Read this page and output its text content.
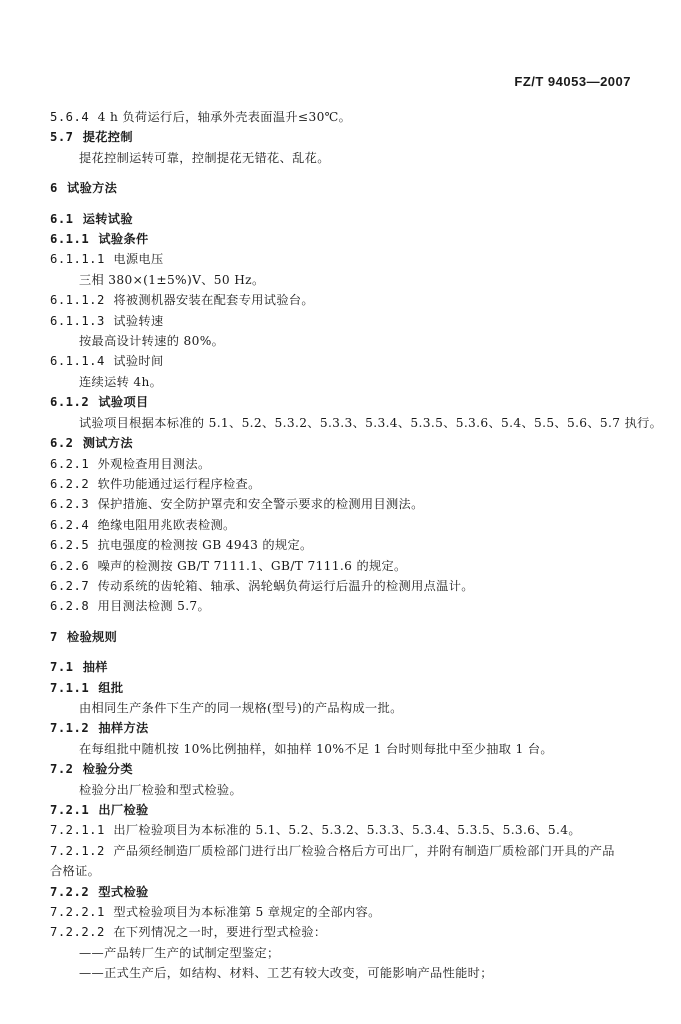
FZ/T 94053—2007
5.6.4 4 h 负荷运行后，轴承外壳表面温升≤30℃。
5.7 提花控制
提花控制运转可靠，控制提花无错花、乱花。
6 试验方法
6.1 运转试验
6.1.1 试验条件
6.1.1.1 电源电压
三相 380×(1±5%)V、50 Hz。
6.1.1.2 将被测机器安装在配套专用试验台。
6.1.1.3 试验转速
按最高设计转速的 80%。
6.1.1.4 试验时间
连续运转 4h。
6.1.2 试验项目
试验项目根据本标准的 5.1、5.2、5.3.2、5.3.3、5.3.4、5.3.5、5.3.6、5.4、5.5、5.6、5.7 执行。
6.2 测试方法
6.2.1 外观检查用目测法。
6.2.2 软件功能通过运行程序检查。
6.2.3 保护措施、安全防护罩壳和安全警示要求的检测用目测法。
6.2.4 绝缘电阻用兆欧表检测。
6.2.5 抗电强度的检测按 GB 4943 的规定。
6.2.6 噪声的检测按 GB/T 7111.1、GB/T 7111.6 的规定。
6.2.7 传动系统的齿轮箱、轴承、涡轮蜗负荷运行后温升的检测用点温计。
6.2.8 用目测法检测 5.7。
7 检验规则
7.1 抽样
7.1.1 组批
由相同生产条件下生产的同一规格(型号)的产品构成一批。
7.1.2 抽样方法
在每组批中随机按 10%比例抽样，如抽样 10%不足 1 台时则每批中至少抽取 1 台。
7.2 检验分类
检验分出厂检验和型式检验。
7.2.1 出厂检验
7.2.1.1 出厂检验项目为本标准的 5.1、5.2、5.3.2、5.3.3、5.3.4、5.3.5、5.3.6、5.4。
7.2.1.2 产品须经制造厂质检部门进行出厂检验合格后方可出厂，并附有制造厂质检部门开具的产品
合格证。
7.2.2 型式检验
7.2.2.1 型式检验项目为本标准第 5 章规定的全部内容。
7.2.2.2 在下列情况之一时，要进行型式检验：
——产品转厂生产的试制定型鉴定；
——正式生产后，如结构、材料、工艺有较大改变，可能影响产品性能时；
